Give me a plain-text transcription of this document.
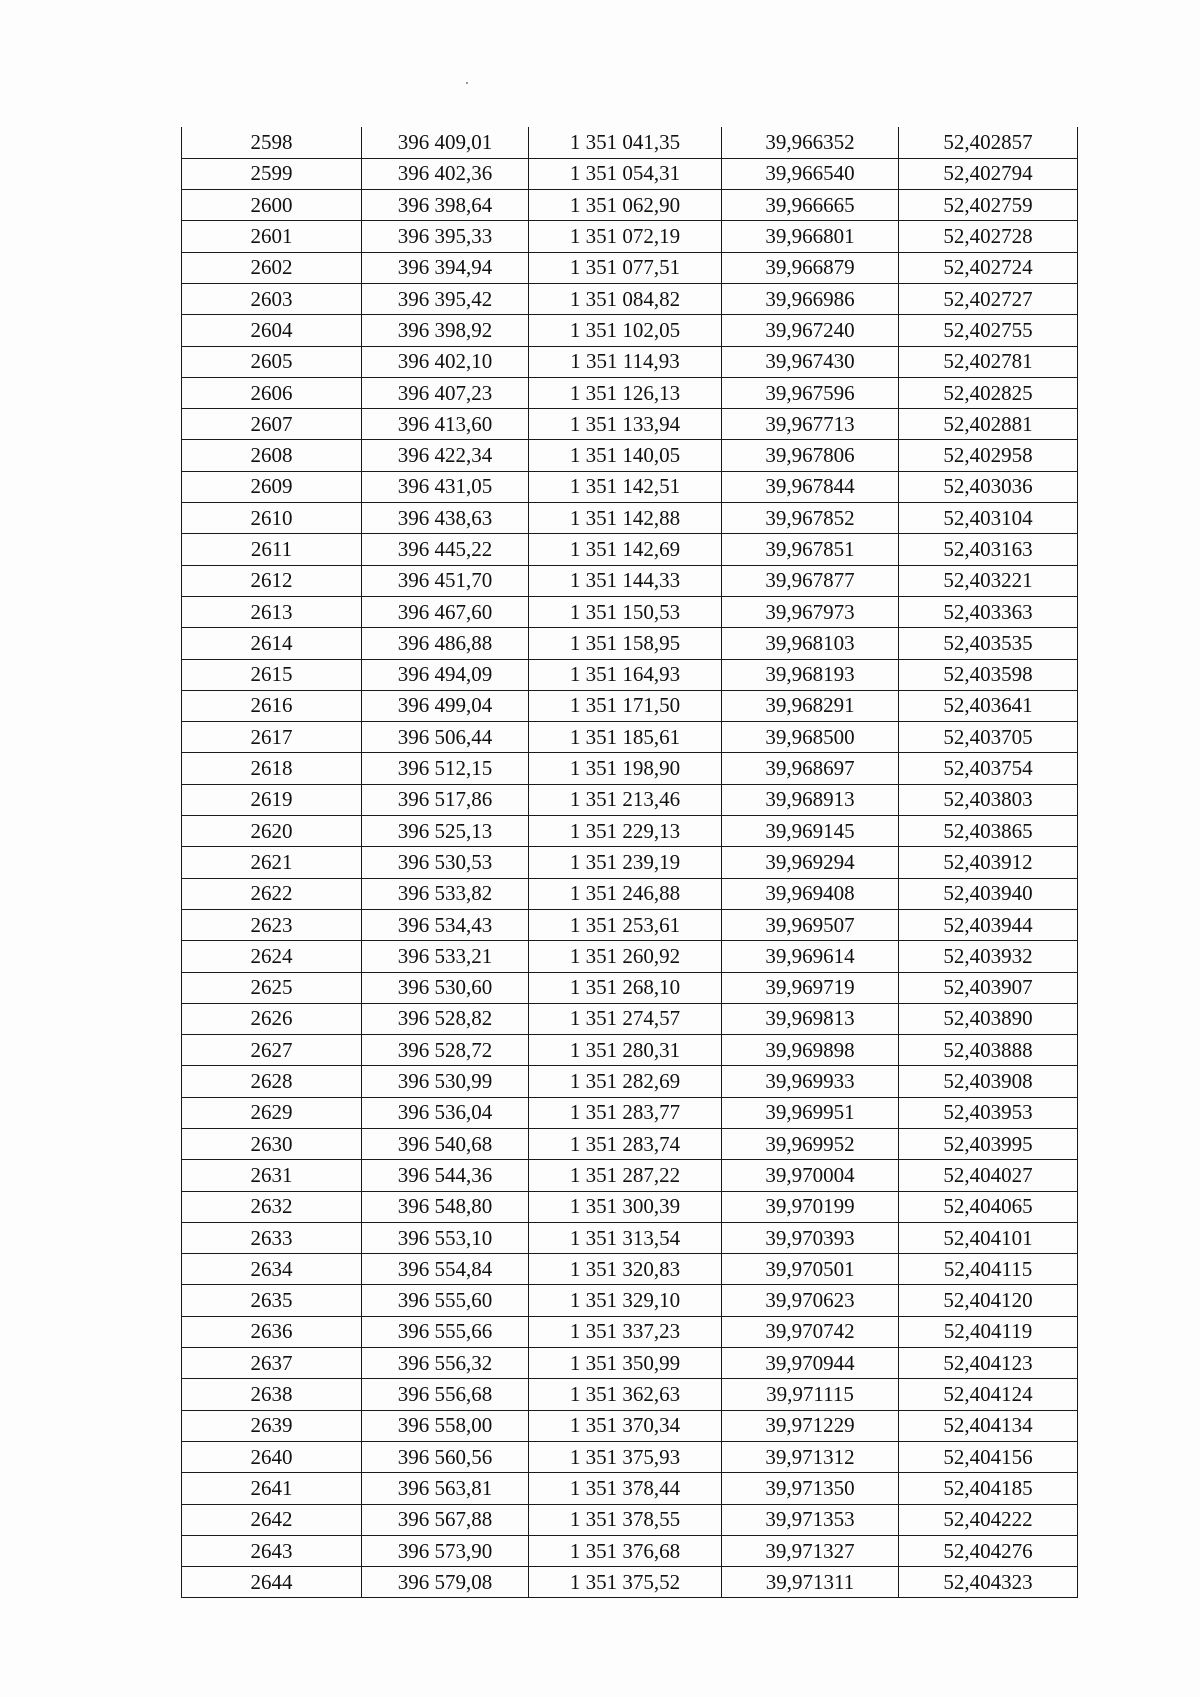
2598	396 409,01	1 351 041,35	39,966352	52,402857
2599	396 402,36	1 351 054,31	39,966540	52,402794
2600	396 398,64	1 351 062,90	39,966665	52,402759
2601	396 395,33	1 351 072,19	39,966801	52,402728
2602	396 394,94	1 351 077,51	39,966879	52,402724
2603	396 395,42	1 351 084,82	39,966986	52,402727
2604	396 398,92	1 351 102,05	39,967240	52,402755
2605	396 402,10	1 351 114,93	39,967430	52,402781
2606	396 407,23	1 351 126,13	39,967596	52,402825
2607	396 413,60	1 351 133,94	39,967713	52,402881
2608	396 422,34	1 351 140,05	39,967806	52,402958
2609	396 431,05	1 351 142,51	39,967844	52,403036
2610	396 438,63	1 351 142,88	39,967852	52,403104
2611	396 445,22	1 351 142,69	39,967851	52,403163
2612	396 451,70	1 351 144,33	39,967877	52,403221
2613	396 467,60	1 351 150,53	39,967973	52,403363
2614	396 486,88	1 351 158,95	39,968103	52,403535
2615	396 494,09	1 351 164,93	39,968193	52,403598
2616	396 499,04	1 351 171,50	39,968291	52,403641
2617	396 506,44	1 351 185,61	39,968500	52,403705
2618	396 512,15	1 351 198,90	39,968697	52,403754
2619	396 517,86	1 351 213,46	39,968913	52,403803
2620	396 525,13	1 351 229,13	39,969145	52,403865
2621	396 530,53	1 351 239,19	39,969294	52,403912
2622	396 533,82	1 351 246,88	39,969408	52,403940
2623	396 534,43	1 351 253,61	39,969507	52,403944
2624	396 533,21	1 351 260,92	39,969614	52,403932
2625	396 530,60	1 351 268,10	39,969719	52,403907
2626	396 528,82	1 351 274,57	39,969813	52,403890
2627	396 528,72	1 351 280,31	39,969898	52,403888
2628	396 530,99	1 351 282,69	39,969933	52,403908
2629	396 536,04	1 351 283,77	39,969951	52,403953
2630	396 540,68	1 351 283,74	39,969952	52,403995
2631	396 544,36	1 351 287,22	39,970004	52,404027
2632	396 548,80	1 351 300,39	39,970199	52,404065
2633	396 553,10	1 351 313,54	39,970393	52,404101
2634	396 554,84	1 351 320,83	39,970501	52,404115
2635	396 555,60	1 351 329,10	39,970623	52,404120
2636	396 555,66	1 351 337,23	39,970742	52,404119
2637	396 556,32	1 351 350,99	39,970944	52,404123
2638	396 556,68	1 351 362,63	39,971115	52,404124
2639	396 558,00	1 351 370,34	39,971229	52,404134
2640	396 560,56	1 351 375,93	39,971312	52,404156
2641	396 563,81	1 351 378,44	39,971350	52,404185
2642	396 567,88	1 351 378,55	39,971353	52,404222
2643	396 573,90	1 351 376,68	39,971327	52,404276
2644	396 579,08	1 351 375,52	39,971311	52,404323
